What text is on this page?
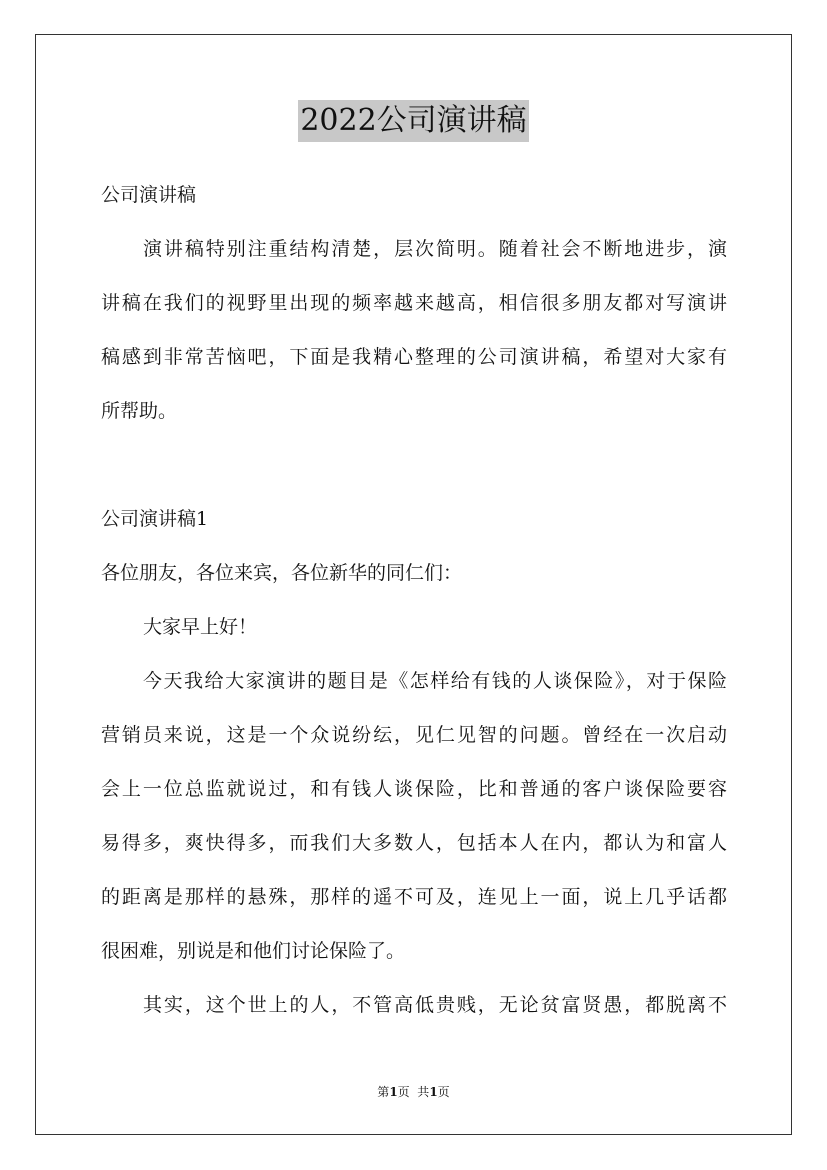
2022公司演讲稿
公司演讲稿
演讲稿特别注重结构清楚，层次简明。随着社会不断地进步，演
讲稿在我们的视野里出现的频率越来越高，相信很多朋友都对写演讲
稿感到非常苦恼吧，下面是我精心整理的公司演讲稿，希望对大家有
所帮助。
公司演讲稿1
各位朋友，各位来宾，各位新华的同仁们：
大家早上好！
今天我给大家演讲的题目是《怎样给有钱的人谈保险》，对于保险
营销员来说，这是一个众说纷纭，见仁见智的问题。曾经在一次启动
会上一位总监就说过，和有钱人谈保险，比和普通的客户谈保险要容
易得多，爽快得多，而我们大多数人，包括本人在内，都认为和富人
的距离是那样的悬殊，那样的遥不可及，连见上一面，说上几乎话都
很困难，别说是和他们讨论保险了。
其实，这个世上的人，不管高低贵贱，无论贫富贤愚，都脱离不
第1页  共1页
